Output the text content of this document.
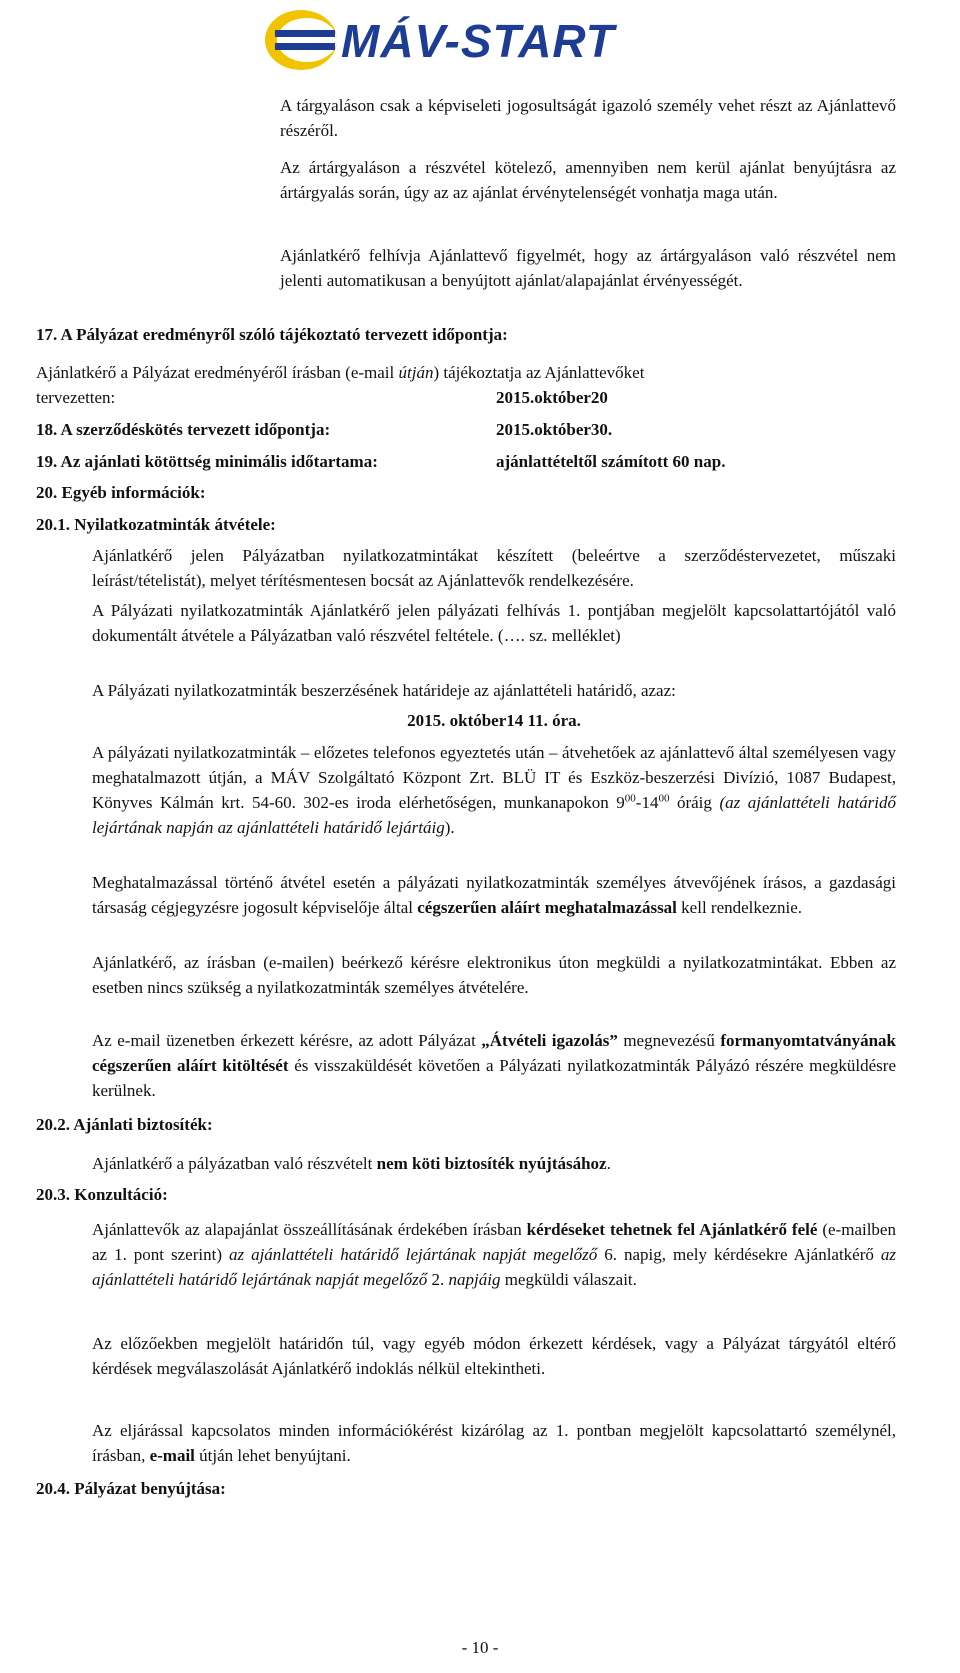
MÁV-START

A tárgyaláson csak a képviseleti jogosultságát igazoló személy vehet részt az Ajánlattevő részéről.

Az ártárgyaláson a részvétel kötelező, amennyiben nem kerül ajánlat benyújtásra az ártárgyalás során, úgy az az ajánlat érvénytelenségét vonhatja maga után.

Ajánlatkérő felhívja Ajánlattevő figyelmét, hogy az ártárgyaláson való részvétel nem jelenti automatikusan a benyújtott ajánlat/alapajánlat érvényességét.

17. A Pályázat eredményről szóló tájékoztató tervezett időpontja:

Ajánlatkérő a Pályázat eredményéről írásban (e-mail útján) tájékoztatja az Ajánlattevőket

tervezetten:	2015.október20
18. A szerződéskötés tervezett időpontja:	2015.október30.
19. Az ajánlati kötöttség minimális időtartama:	ajánlattételtől számított 60 nap.
20. Egyéb információk:
20.1. Nyilatkozatminták átvétele:

Ajánlatkérő jelen Pályázatban nyilatkozatmintákat készített (beleértve a szerződéstervezetet, műszaki leírást/tételistát), melyet térítésmentesen bocsát az Ajánlattevők rendelkezésére.

A Pályázati nyilatkozatminták Ajánlatkérő jelen pályázati felhívás 1. pontjában megjelölt kapcsolattartójától való dokumentált átvétele a Pályázatban való részvétel feltétele. (…. sz. melléklet)

A Pályázati nyilatkozatminták beszerzésének határideje az ajánlattételi határidő, azaz:

2015. október14 11. óra.

A pályázati nyilatkozatminták – előzetes telefonos egyeztetés után – átvehetőek az ajánlattevő által személyesen vagy meghatalmazott útján, a MÁV Szolgáltató Központ Zrt. BLÜ IT és Eszköz-beszerzési Divízió, 1087 Budapest, Könyves Kálmán krt. 54-60. 302-es iroda elérhetőségen, munkanapokon $9^{00}-14^{00}$ óráig (az ajánlattételi határidő lejártának napján az ajánlattételi határidő lejártáig).

Meghatalmazással történő átvétel esetén a pályázati nyilatkozatminták személyes átvevőjének írásos, a gazdasági társaság cégjegyzésre jogosult képviselője által cégszerűen aláírt meghatalmazással kell rendelkeznie.

Ajánlatkérő, az írásban (e-mailen) beérkező kérésre elektronikus úton megküldi a nyilatkozatmintákat. Ebben az esetben nincs szükség a nyilatkozatminták személyes átvételére.

Az e-mail üzenetben érkezett kérésre, az adott Pályázat „Átvételi igazolás” megnevezésű formanyomtatványának cégszerűen aláírt kitöltését és visszaküldését követően a Pályázati nyilatkozatminták Pályázó részére megküldésre kerülnek.

20.2. Ajánlati biztosíték:

Ajánlatkérő a pályázatban való részvételt nem köti biztosíték nyújtásához.

20.3. Konzultáció:

Ajánlattevők az alapajánlat összeállításának érdekében írásban kérdéseket tehetnek fel Ajánlatkérő felé (e-mailben az 1. pont szerint) az ajánlattételi határidő lejártának napját megelőző 6. napig, mely kérdésekre Ajánlatkérő az ajánlattételi határidő lejártának napját megelőző 2. napjáig megküldi válaszait.

Az előzőekben megjelölt határidőn túl, vagy egyéb módon érkezett kérdések, vagy a Pályázat tárgyától eltérő kérdések megválaszolását Ajánlatkérő indoklás nélkül eltekintheti.

Az eljárással kapcsolatos minden információkérést kizárólag az 1. pontban megjelölt kapcsolattartó személynél, írásban, e-mail útján lehet benyújtani.

20.4. Pályázat benyújtása:
- 10 -
